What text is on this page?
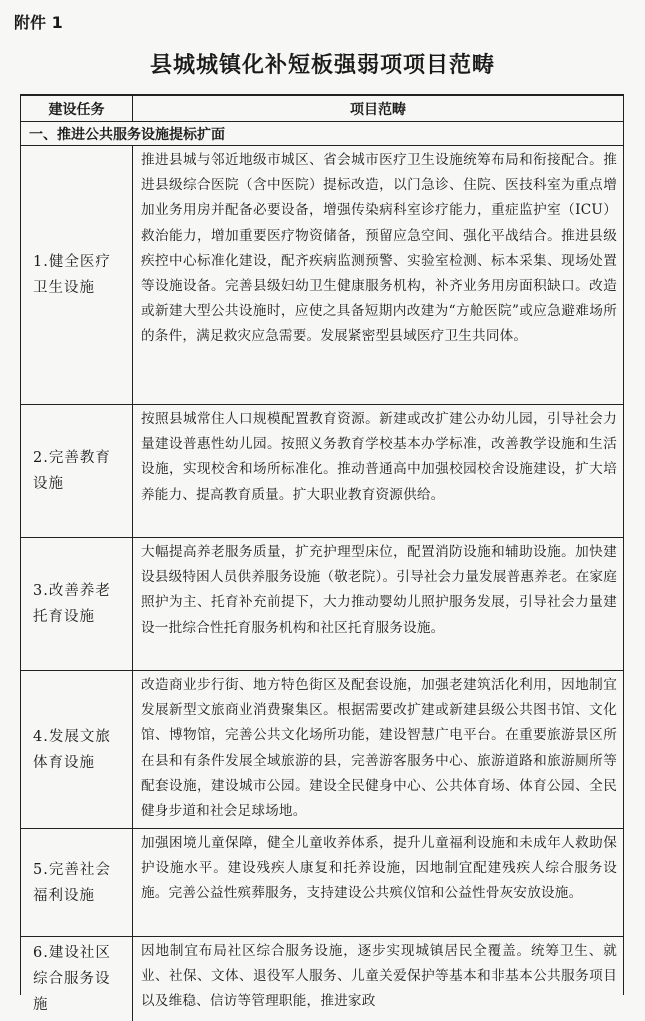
附件 1
县城城镇化补短板强弱项项目范畴
建设任务	项目范畴
一、推进公共服务设施提标扩面
1.健全医疗卫生设施
推进县城与邻近地级市城区、省会城市医疗卫生设施统筹布局和衔接配合。推进县级综合医院（含中医院）提标改造，以门急诊、住院、医技科室为重点增加业务用房并配备必要设备，增强传染病科室诊疗能力，重症监护室（ICU）救治能力，增加重要医疗物资储备，预留应急空间、强化平战结合。推进县级疾控中心标准化建设，配齐疾病监测预警、实验室检测、标本采集、现场处置等设施设备。完善县级妇幼卫生健康服务机构，补齐业务用房面积缺口。改造或新建大型公共设施时，应使之具备短期内改建为“方舱医院”或应急避难场所的条件，满足救灾应急需要。发展紧密型县域医疗卫生共同体。
2.完善教育设施
按照县城常住人口规模配置教育资源。新建或改扩建公办幼儿园，引导社会力量建设普惠性幼儿园。按照义务教育学校基本办学标准，改善教学设施和生活设施，实现校舍和场所标准化。推动普通高中加强校园校舍设施建设，扩大培养能力、提高教育质量。扩大职业教育资源供给。
3.改善养老托育设施
大幅提高养老服务质量，扩充护理型床位，配置消防设施和辅助设施。加快建设县级特困人员供养服务设施（敬老院）。引导社会力量发展普惠养老。在家庭照护为主、托育补充前提下，大力推动婴幼儿照护服务发展，引导社会力量建设一批综合性托育服务机构和社区托育服务设施。
4.发展文旅体育设施
改造商业步行街、地方特色街区及配套设施，加强老建筑活化利用，因地制宜发展新型文旅商业消费聚集区。根据需要改扩建或新建县级公共图书馆、文化馆、博物馆，完善公共文化场所功能，建设智慧广电平台。在重要旅游景区所在县和有条件发展全域旅游的县，完善游客服务中心、旅游道路和旅游厕所等配套设施，建设城市公园。建设全民健身中心、公共体育场、体育公园、全民健身步道和社会足球场地。
5.完善社会福利设施
加强困境儿童保障，健全儿童收养体系，提升儿童福利设施和未成年人救助保护设施水平。建设残疾人康复和托养设施，因地制宜配建残疾人综合服务设施。完善公益性殡葬服务，支持建设公共殡仪馆和公益性骨灰安放设施。
6.建设社区综合服务设施
因地制宜布局社区综合服务设施，逐步实现城镇居民全覆盖。统筹卫生、就业、社保、文体、退役军人服务、儿童关爱保护等基本和非基本公共服务项目以及维稳、信访等管理职能，推进家政
